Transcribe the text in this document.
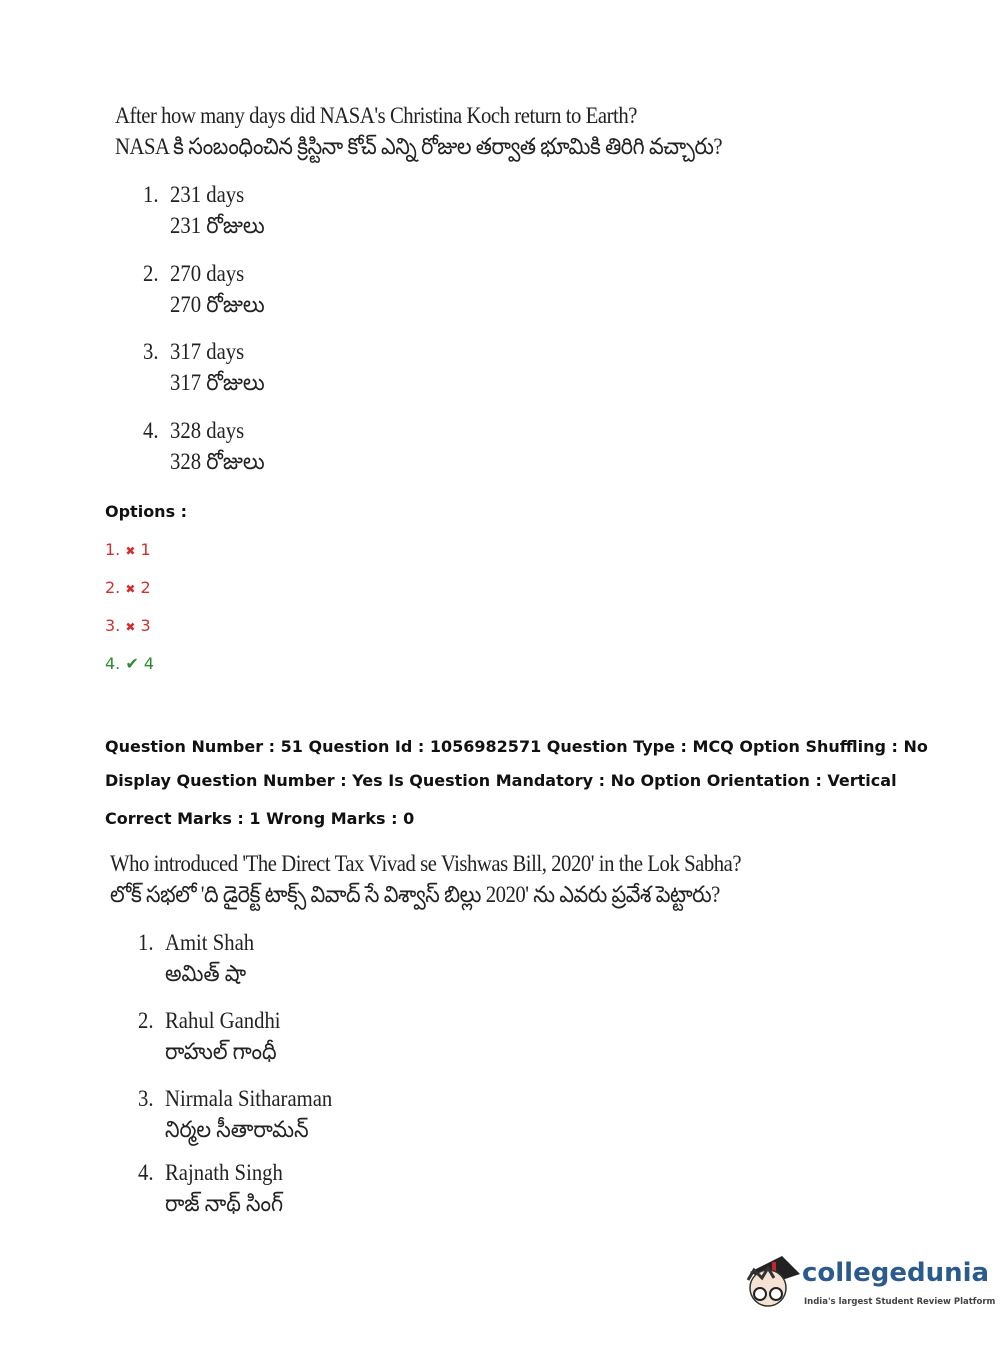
After how many days did NASA's Christina Koch return to Earth?
NASA కి సంబంధించిన క్రిస్టినా కోచ్ ఎన్ని రోజుల తర్వాత భూమికి తిరిగి వచ్చారు?
1. 231 days
231 రోజులు
2. 270 days
270 రోజులు
3. 317 days
317 రోజులు
4. 328 days
328 రోజులు
Options :
1. ✖ 1
2. ✖ 2
3. ✖ 3
4. ✔ 4
Question Number : 51 Question Id : 1056982571 Question Type : MCQ Option Shuffling : No
Display Question Number : Yes Is Question Mandatory : No Option Orientation : Vertical
Correct Marks : 1 Wrong Marks : 0
Who introduced 'The Direct Tax Vivad se Vishwas Bill, 2020' in the Lok Sabha?
లోక్ సభలో 'ది డైరెక్ట్ టాక్స్ వివాద్ సే విశ్వాస్ బిల్లు 2020' ను ఎవరు ప్రవేశ పెట్టారు?
1. Amit Shah
అమిత్ షా
2. Rahul Gandhi
రాహుల్ గాంధీ
3. Nirmala Sitharaman
నిర్మల సీతారామన్
4. Rajnath Singh
రాజ్ నాథ్ సింగ్
collegedunia
India's largest Student Review Platform
